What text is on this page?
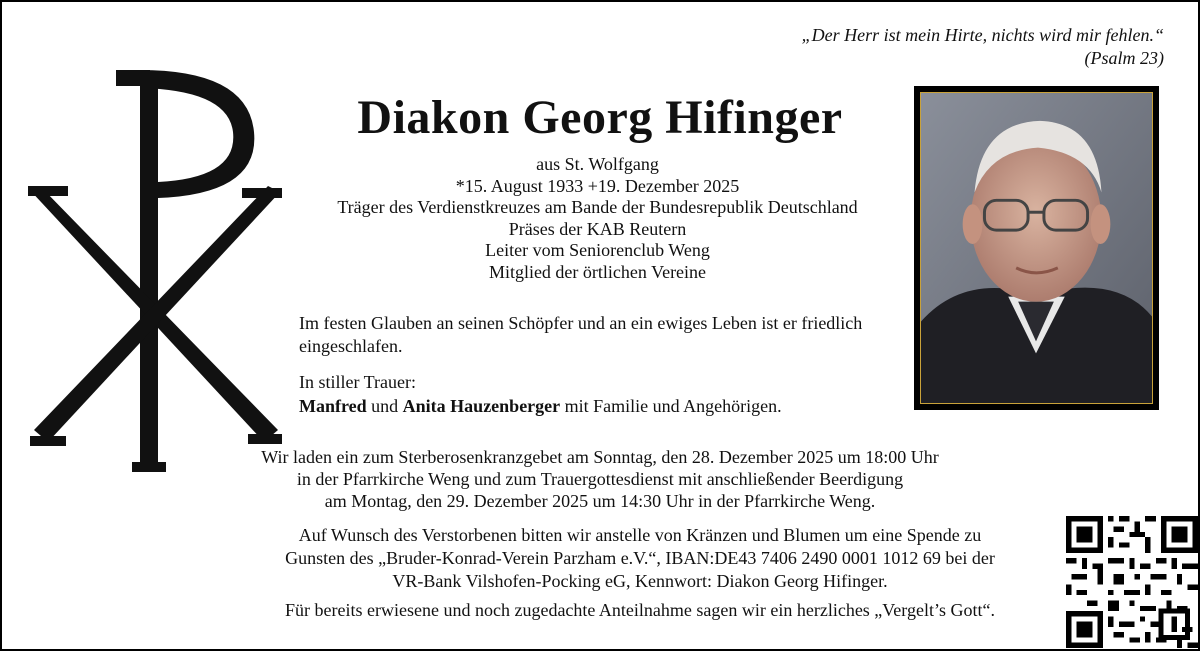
„Der Herr ist mein Hirte, nichts wird mir fehlen.“
(Psalm 23)
Diakon Georg Hifinger
aus St. Wolfgang
*15. August 1933 +19. Dezember 2025
Träger des Verdienstkreuzes am Bande der Bundesrepublik Deutschland
Präses der KAB Reutern
Leiter vom Seniorenclub Weng
Mitglied der örtlichen Vereine
Im festen Glauben an seinen Schöpfer und an ein ewiges Leben ist er friedlich eingeschlafen.
In stiller Trauer:
Manfred und Anita Hauzenberger mit Familie und Angehörigen.
Wir laden ein zum Sterberosenkranzgebet am Sonntag, den 28. Dezember 2025 um 18:00 Uhr
in der Pfarrkirche Weng und zum Trauergottesdienst mit anschließender Beerdigung
am Montag, den 29. Dezember 2025 um 14:30 Uhr in der Pfarrkirche Weng.
Auf Wunsch des Verstorbenen bitten wir anstelle von Kränzen und Blumen um eine Spende zu
Gunsten des „Bruder-Konrad-Verein Parzham e.V.“, IBAN:DE43 7406 2490 0001 1012 69 bei der
VR-Bank Vilshofen-Pocking eG, Kennwort: Diakon Georg Hifinger.
Für bereits erwiesene und noch zugedachte Anteilnahme sagen wir ein herzliches „Vergelt’s Gott“.
